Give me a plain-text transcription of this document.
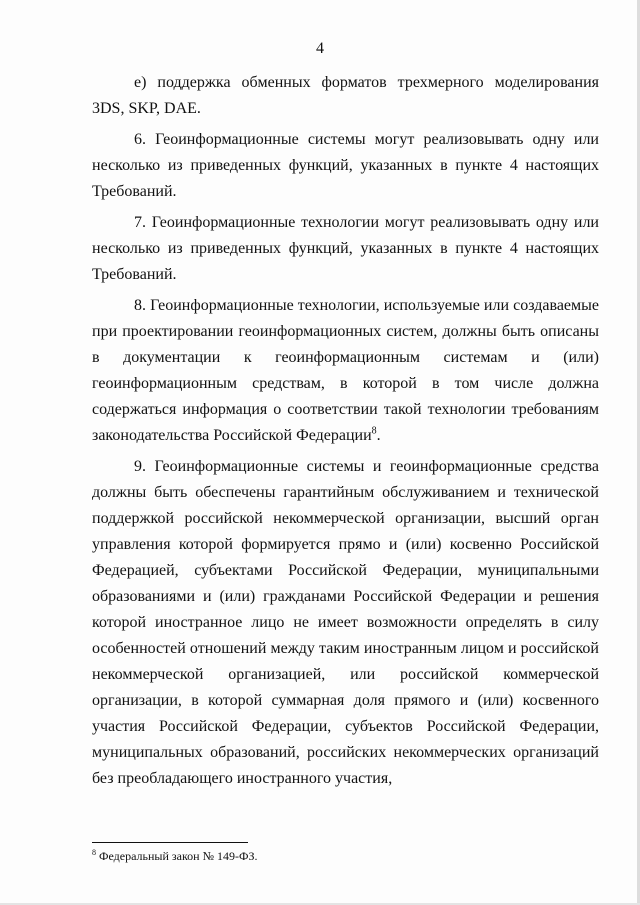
4

е) поддержка обменных форматов трехмерного моделирования 3DS, SKP, DAE.

6. Геоинформационные системы могут реализовывать одну или несколько из приведенных функций, указанных в пункте 4 настоящих Требований.

7. Геоинформационные технологии могут реализовывать одну или несколько из приведенных функций, указанных в пункте 4 настоящих Требований.

8. Геоинформационные технологии, используемые или создаваемые при проектировании геоинформационных систем, должны быть описаны в документации к геоинформационным системам и (или) геоинформационным средствам, в которой в том числе должна содержаться информация о соответствии такой технологии требованиям законодательства Российской Федерации$^8$.

9. Геоинформационные системы и геоинформационные средства должны быть обеспечены гарантийным обслуживанием и технической поддержкой российской некоммерческой организации, высший орган управления которой формируется прямо и (или) косвенно Российской Федерацией, субъектами Российской Федерации, муниципальными образованиями и (или) гражданами Российской Федерации и решения которой иностранное лицо не имеет возможности определять в силу особенностей отношений между таким иностранным лицом и российской некоммерческой организацией, или российской коммерческой организации, в которой суммарная доля прямого и (или) косвенного участия Российской Федерации, субъектов Российской Федерации, муниципальных образований, российских некоммерческих организаций без преобладающего иностранного участия,

$^8$ Федеральный закон № 149-ФЗ.
